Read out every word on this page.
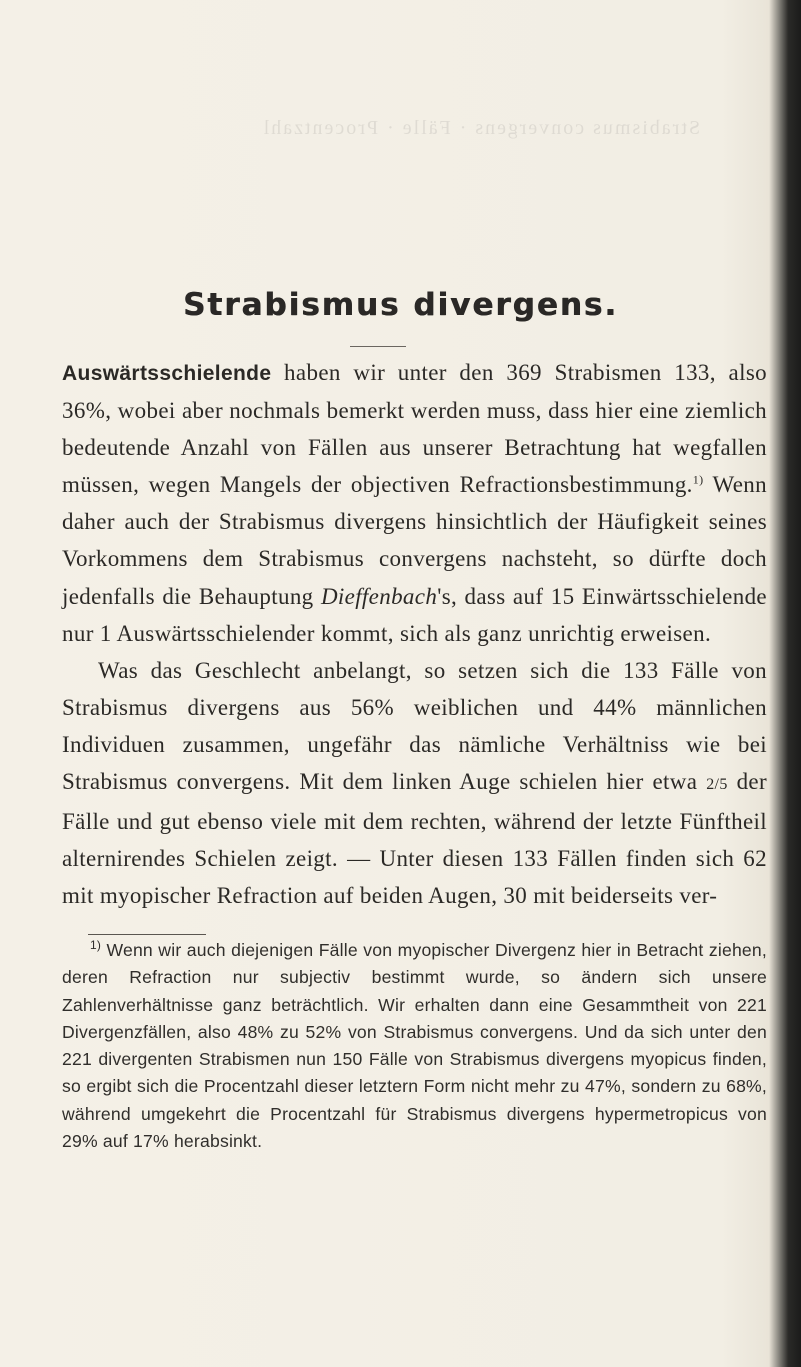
Strabismus convergens · Fälle · Procentzahl
Strabismus divergens.

Auswärtsschielende haben wir unter den 369 Strabismen 133, also 36%, wobei aber nochmals bemerkt werden muss, dass hier eine ziemlich bedeutende Anzahl von Fällen aus unserer Betrachtung hat wegfallen müssen, wegen Mangels der objectiven Refractionsbestimmung.$^{1)}$ Wenn daher auch der Strabismus divergens hinsichtlich der Häufigkeit seines Vorkommens dem Strabismus convergens nachsteht, so dürfte doch jedenfalls die Behauptung Dieffenbach's, dass auf 15 Einwärtsschielende nur 1 Auswärtsschielender kommt, sich als ganz unrichtig erweisen.

Was das Geschlecht anbelangt, so setzen sich die 133 Fälle von Strabismus divergens aus 56% weiblichen und 44% männlichen Individuen zusammen, ungefähr das nämliche Verhältniss wie bei Strabismus convergens. Mit dem linken Auge schielen hier etwa 2/5 der Fälle und gut ebenso viele mit dem rechten, während der letzte Fünftheil alternirendes Schielen zeigt. — Unter diesen 133 Fällen finden sich 62 mit myopischer Refraction auf beiden Augen, 30 mit beiderseits ver-

$^{1)}$ Wenn wir auch diejenigen Fälle von myopischer Divergenz hier in Betracht ziehen, deren Refraction nur subjectiv bestimmt wurde, so ändern sich unsere Zahlenverhältnisse ganz beträchtlich. Wir erhalten dann eine Gesammtheit von 221 Divergenzfällen, also 48% zu 52% von Strabismus convergens. Und da sich unter den 221 divergenten Strabismen nun 150 Fälle von Strabismus divergens myopicus finden, so ergibt sich die Procentzahl dieser letztern Form nicht mehr zu 47%, sondern zu 68%, während umgekehrt die Procentzahl für Strabismus divergens hypermetropicus von 29% auf 17% herabsinkt.
